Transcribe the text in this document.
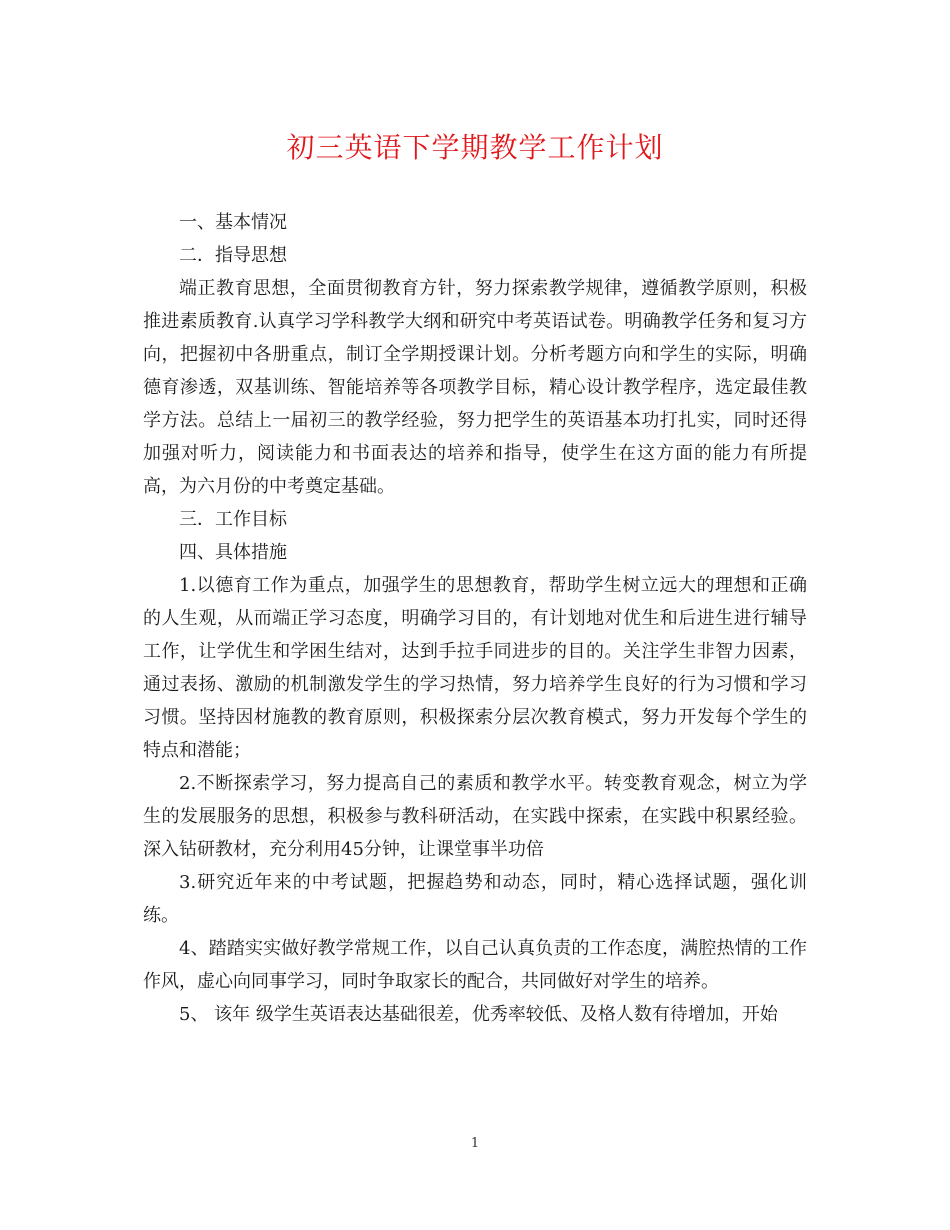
初三英语下学期教学工作计划

一、基本情况

二．指导思想

端正教育思想，全面贯彻教育方针，努力探索教学规律，遵循教学原则，积极推进素质教育.认真学习学科教学大纲和研究中考英语试卷。明确教学任务和复习方向，把握初中各册重点，制订全学期授课计划。分析考题方向和学生的实际，明确德育渗透，双基训练、智能培养等各项教学目标，精心设计教学程序，选定最佳教学方法。总结上一届初三的教学经验，努力把学生的英语基本功打扎实，同时还得加强对听力，阅读能力和书面表达的培养和指导，使学生在这方面的能力有所提高，为六月份的中考奠定基础。

三．工作目标

四、具体措施

1.以德育工作为重点，加强学生的思想教育，帮助学生树立远大的理想和正确的人生观，从而端正学习态度，明确学习目的，有计划地对优生和后进生进行辅导工作，让学优生和学困生结对，达到手拉手同进步的目的。关注学生非智力因素，通过表扬、激励的机制激发学生的学习热情，努力培养学生良好的行为习惯和学习习惯。坚持因材施教的教育原则，积极探索分层次教育模式，努力开发每个学生的特点和潜能；

2.不断探索学习，努力提高自己的素质和教学水平。转变教育观念，树立为学生的发展服务的思想，积极参与教科研活动，在实践中探索，在实践中积累经验。深入钻研教材，充分利用45分钟，让课堂事半功倍

3.研究近年来的中考试题，把握趋势和动态，同时，精心选择试题，强化训练。

4、踏踏实实做好教学常规工作，以自己认真负责的工作态度，满腔热情的工作作风，虚心向同事学习，同时争取家长的配合，共同做好对学生的培养。

5、 该年 级学生英语表达基础很差，优秀率较低、及格人数有待增加，开始

1
